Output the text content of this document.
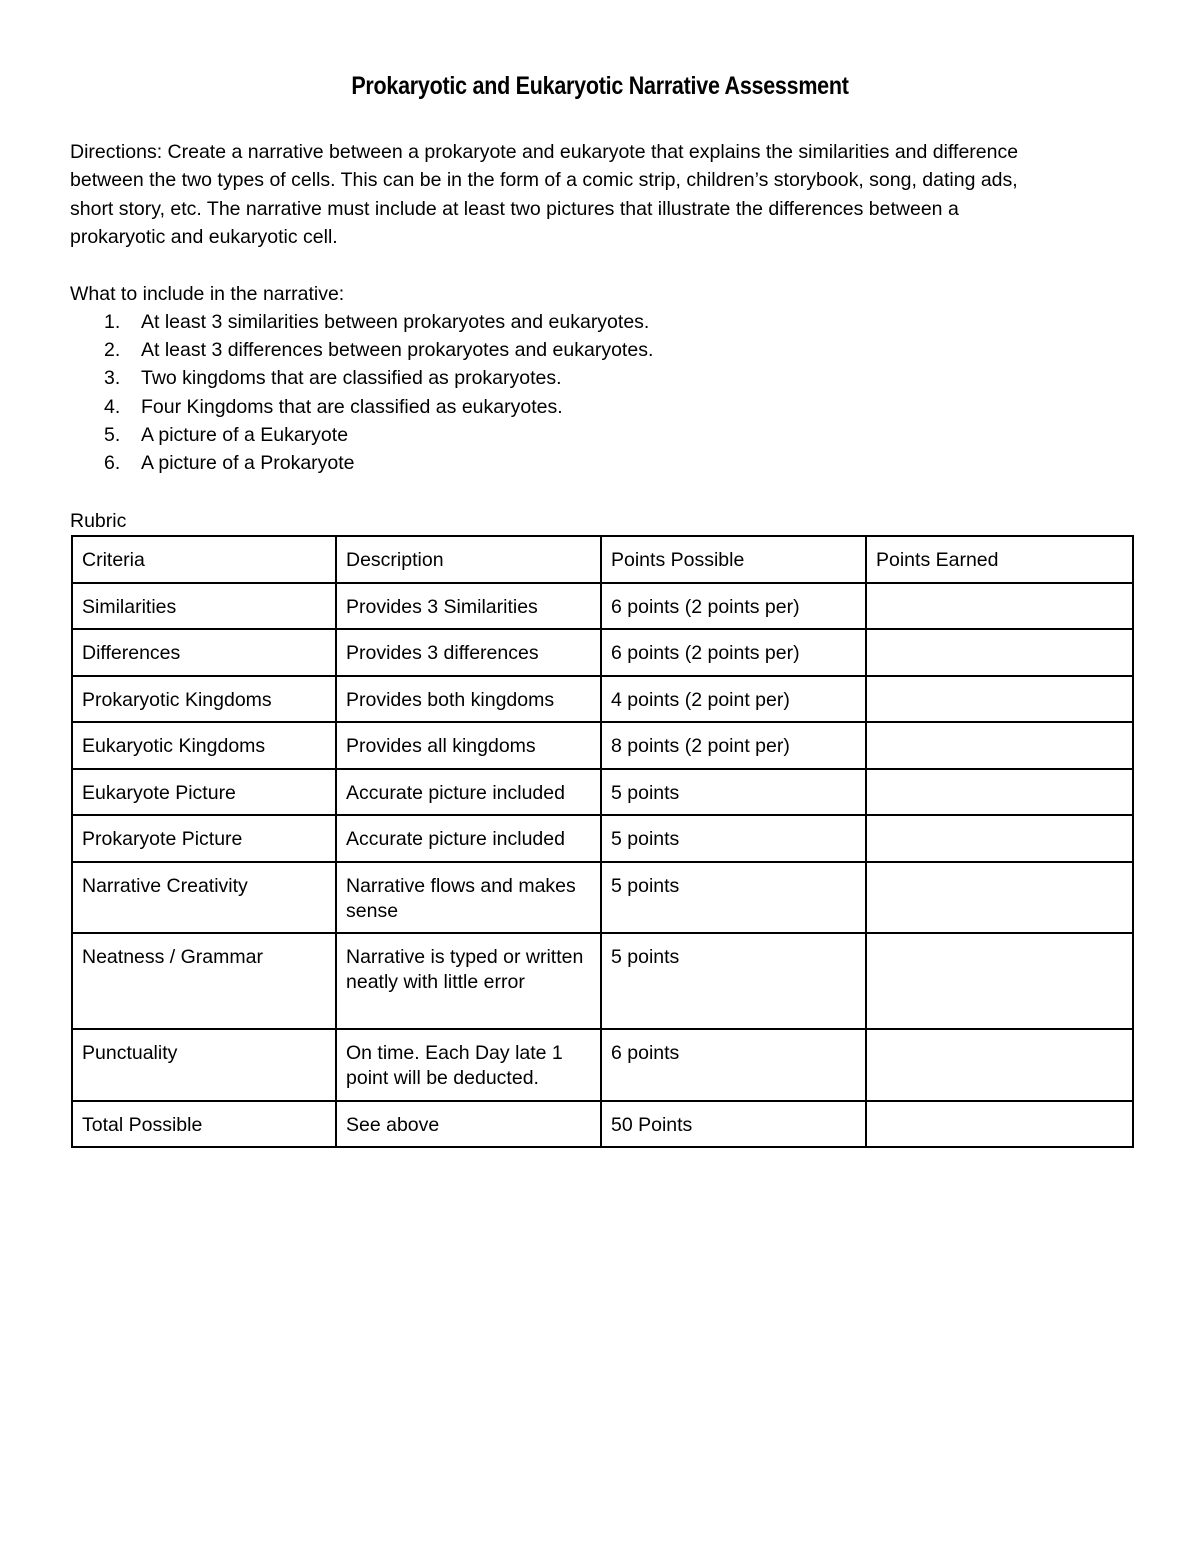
Prokaryotic and Eukaryotic Narrative Assessment
Directions: Create a narrative between a prokaryote and eukaryote that explains the similarities and difference
between the two types of cells. This can be in the form of a comic strip, children’s storybook, song, dating ads,
short story, etc. The narrative must include at least two pictures that illustrate the differences between a
prokaryotic and eukaryotic cell.
What to include in the narrative:
1. At least 3 similarities between prokaryotes and eukaryotes.
2. At least 3 differences between prokaryotes and eukaryotes.
3. Two kingdoms that are classified as prokaryotes.
4. Four Kingdoms that are classified as eukaryotes.
5. A picture of a Eukaryote
6. A picture of a Prokaryote
Rubric
Criteria	Description	Points Possible	Points Earned
Similarities	Provides 3 Similarities	6 points (2 points per)	
Differences	Provides 3 differences	6 points (2 points per)	
Prokaryotic Kingdoms	Provides both kingdoms	4 points (2 point per)	
Eukaryotic Kingdoms	Provides all kingdoms	8 points (2 point per)	
Eukaryote Picture	Accurate picture included	5 points	
Prokaryote Picture	Accurate picture included	5 points	
Narrative Creativity	Narrative flows and makes sense	5 points	
Neatness / Grammar	Narrative is typed or written neatly with little error	5 points	
Punctuality	On time. Each Day late 1 point will be deducted.	6 points	
Total Possible	See above	50 Points	
